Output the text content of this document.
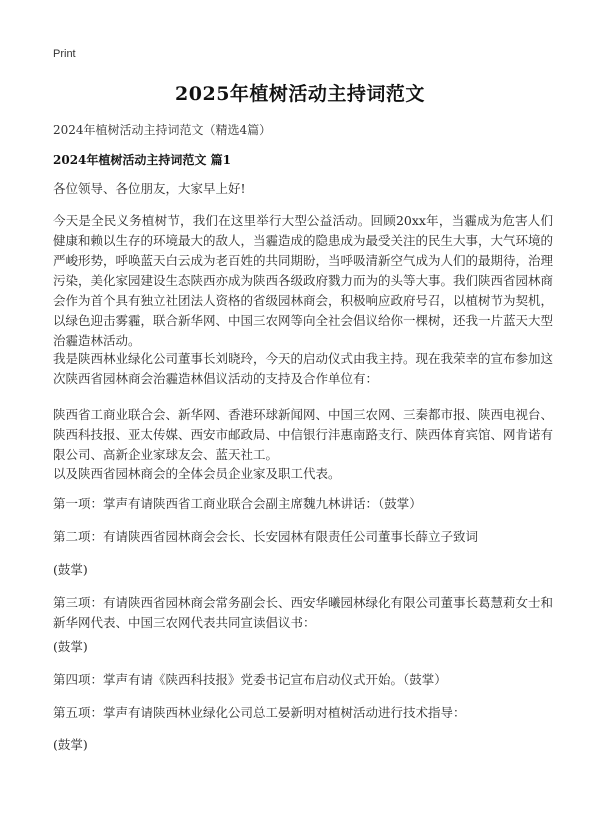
Print
2025年植树活动主持词范文
2024年植树活动主持词范文（精选4篇）
2024年植树活动主持词范文 篇1

各位领导、各位朋友，大家早上好!

今天是全民义务植树节，我们在这里举行大型公益活动。回顾20xx年，当霾成为危害人们健康和赖以生存的环境最大的敌人，当霾造成的隐患成为最受关注的民生大事，大气环境的严峻形势，呼唤蓝天白云成为老百姓的共同期盼，当呼吸清新空气成为人们的最期待，治理污染，美化家园建设生态陕西亦成为陕西各级政府戮力而为的头等大事。我们陕西省园林商会作为首个具有独立社团法人资格的省级园林商会，积极响应政府号召，以植树节为契机，以绿色迎击雾霾，联合新华网、中国三农网等向全社会倡议给你一棵树，还我一片蓝天大型治霾造林活动。

我是陕西林业绿化公司董事长刘晓玲，今天的启动仪式由我主持。现在我荣幸的宣布参加这次陕西省园林商会治霾造林倡议活动的支持及合作单位有：

陕西省工商业联合会、新华网、香港环球新闻网、中国三农网、三秦都市报、陕西电视台、陕西科技报、亚太传媒、西安市邮政局、中信银行沣惠南路支行、陕西体育宾馆、网肯诺有限公司、高新企业家球友会、蓝天社工。

以及陕西省园林商会的全体会员企业家及职工代表。

第一项：掌声有请陕西省工商业联合会副主席魏九林讲话：（鼓掌）

第二项：有请陕西省园林商会会长、长安园林有限责任公司董事长薛立子致词

(鼓掌)

第三项：有请陕西省园林商会常务副会长、西安华曦园林绿化有限公司董事长葛慧莉女士和新华网代表、中国三农网代表共同宣读倡议书：

(鼓掌)

第四项：掌声有请《陕西科技报》党委书记宣布启动仪式开始。（鼓掌）

第五项：掌声有请陕西林业绿化公司总工晏新明对植树活动进行技术指导：

(鼓掌)
